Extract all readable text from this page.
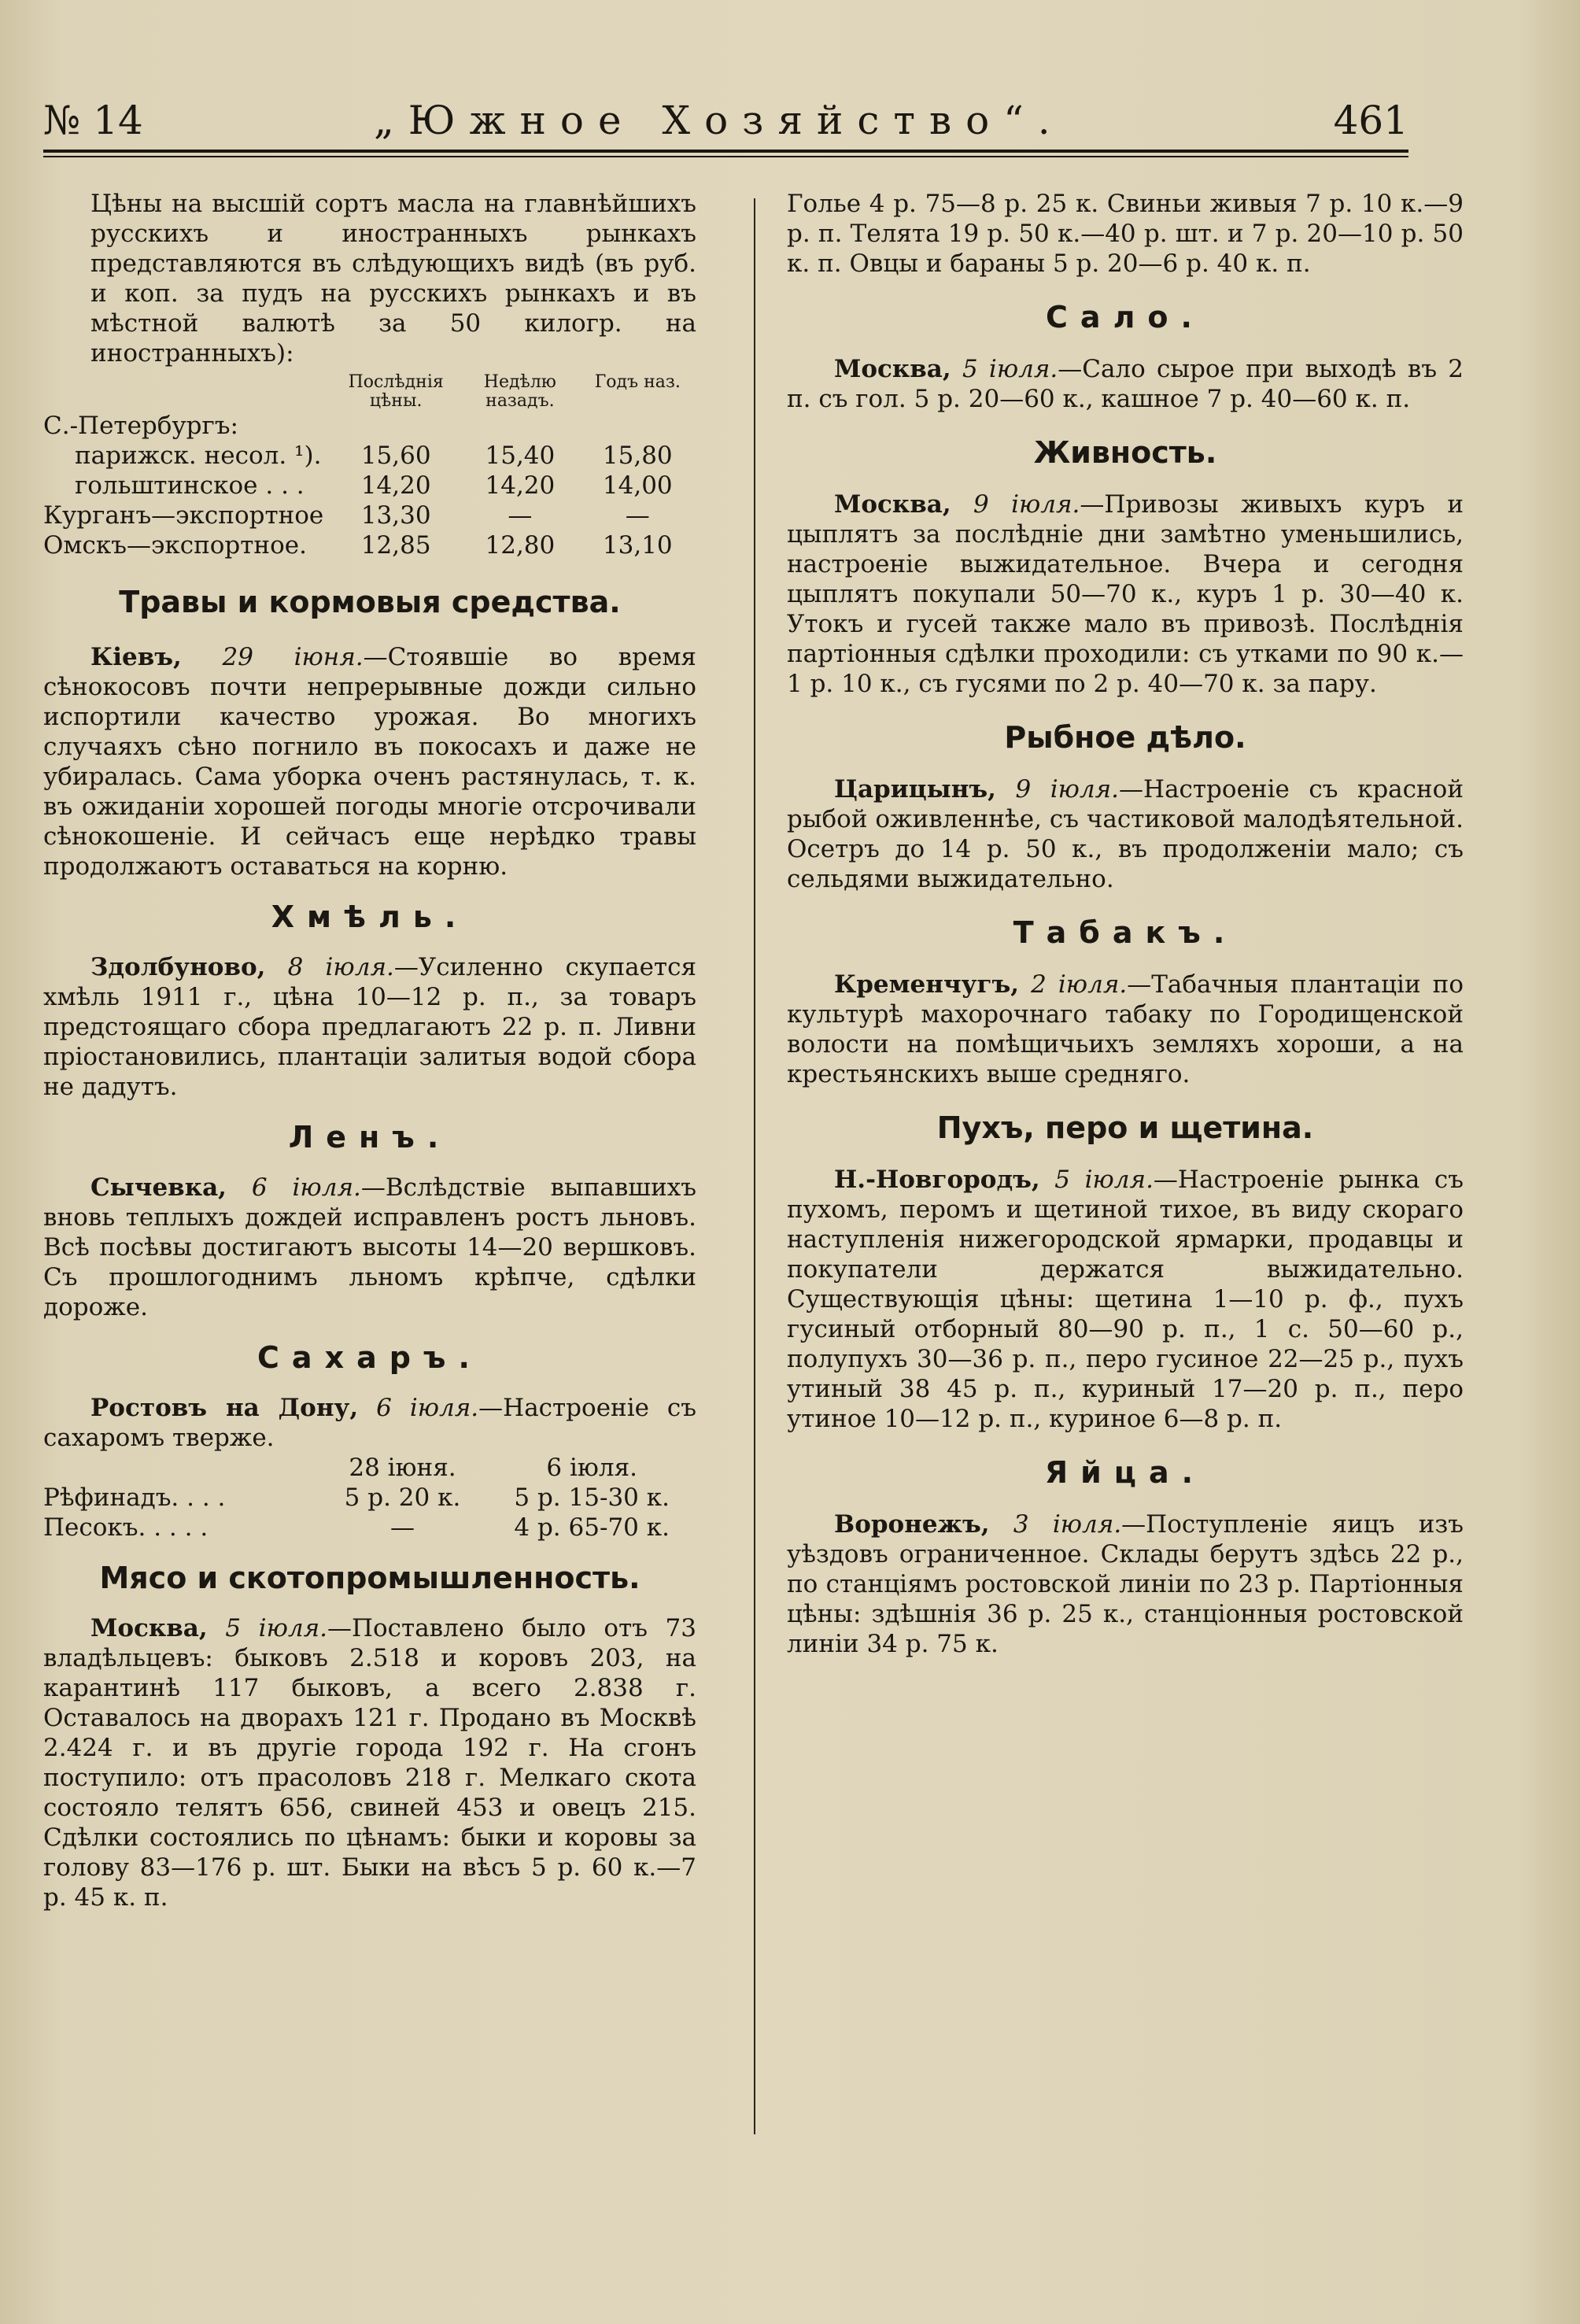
№ 14	„Южное Хозяйство“.	461

Цѣны на высшій сортъ масла на главнѣйшихъ русскихъ и иностранныхъ рынкахъ представляются въ слѣдующихъ видѣ (въ руб. и коп. за пудъ на русскихъ рынкахъ и въ мѣстной валютѣ за 50 килогр. на иностранныхъ):

	Послѣднія цѣны.	Недѣлю назадъ.	Годъ наз.
С.-Петербургъ:			
парижск. несол. ¹).	15,60	15,40	15,80
гольштинское . . .	14,20	14,20	14,00
Курганъ—экспортное	13,30	—	—
Омскъ—экспортное.	12,85	12,80	13,10
Травы и кормовыя средства.

Кіевъ, 29 іюня.—Стоявшіе во время сѣнокосовъ почти непрерывные дожди сильно испортили качество урожая. Во многихъ случаяхъ сѣно погнило въ покосахъ и даже не убиралась. Сама уборка оченъ растянулась, т. к. въ ожиданіи хорошей погоды многіе отсрочивали сѣнокошеніе. И сейчасъ еще нерѣдко травы продолжаютъ оставаться на корню.

Хмѣль.

Здолбуново, 8 іюля.—Усиленно скупается хмѣль 1911 г., цѣна 10—12 р. п., за товаръ предстоящаго сбора предлагаютъ 22 р. п. Ливни пріостановились, плантаціи залитыя водой сбора не дадутъ.

Ленъ.

Сычевка, 6 іюля.—Вслѣдствіе выпавшихъ вновь теплыхъ дождей исправленъ ростъ льновъ. Всѣ посѣвы достигаютъ высоты 14—20 вершковъ. Съ прошлогоднимъ льномъ крѣпче, сдѣлки дороже.

Сахаръ.

Ростовъ на Дону, 6 іюля.—Настроеніе съ сахаромъ тверже.

	28 іюня.	6 іюля.
Рѣфинадъ. . . .	5 р. 20 к.	5 р. 15-30 к.
Песокъ. . . . .	—	4 р. 65-70 к.
Мясо и скотопромышленность.

Москва, 5 іюля.—Поставлено было отъ 73 владѣльцевъ: быковъ 2.518 и коровъ 203, на карантинѣ 117 быковъ, а всего 2.838 г. Оставалось на дворахъ 121 г. Продано въ Москвѣ 2.424 г. и въ другіе города 192 г. На сгонъ поступило: отъ прасоловъ 218 г. Мелкаго скота состояло телятъ 656, свиней 453 и овецъ 215. Сдѣлки состоялись по цѣнамъ: быки и коровы за голову 83—176 р. шт. Быки на вѣсъ 5 р. 60 к.—7 р. 45 к. п.

Голье 4 р. 75—8 р. 25 к. Свиньи живыя 7 р. 10 к.—9 р. п. Телята 19 р. 50 к.—40 р. шт. и 7 р. 20—10 р. 50 к. п. Овцы и бараны 5 р. 20—6 р. 40 к. п.

Сало.

Москва, 5 іюля.—Сало сырое при выходѣ въ 2 п. съ гол. 5 р. 20—60 к., кашное 7 р. 40—60 к. п.

Живность.

Москва, 9 іюля.—Привозы живыхъ куръ и цыплятъ за послѣдніе дни замѣтно уменьшились, настроеніе выжидательное. Вчера и сегодня цыплятъ покупали 50—70 к., куръ 1 р. 30—40 к. Утокъ и гусей также мало въ привозѣ. Послѣднія партіонныя сдѣлки проходили: съ утками по 90 к.—1 р. 10 к., съ гусями по 2 р. 40—70 к. за пару.

Рыбное дѣло.

Царицынъ, 9 іюля.—Настроеніе съ красной рыбой оживленнѣе, съ частиковой малодѣятельной. Осетръ до 14 р. 50 к., въ продолженіи мало; съ сельдями выжидательно.

Табакъ.

Кременчугъ, 2 іюля.—Табачныя плантаціи по культурѣ махорочнаго табаку по Городищенской волости на помѣщичьихъ земляхъ хороши, а на крестьянскихъ выше средняго.

Пухъ, перо и щетина.

Н.-Новгородъ, 5 іюля.—Настроеніе рынка съ пухомъ, перомъ и щетиной тихое, въ виду скораго наступленія нижегородской ярмарки, продавцы и покупатели держатся выжидательно. Существующія цѣны: щетина 1—10 р. ф., пухъ гусиный отборный 80—90 р. п., 1 с. 50—60 р., полупухъ 30—36 р. п., перо гусиное 22—25 р., пухъ утиный 38 45 р. п., куриный 17—20 р. п., перо утиное 10—12 р. п., куриное 6—8 р. п.

Яйца.

Воронежъ, 3 іюля.—Поступленіе яицъ изъ уѣздовъ ограниченное. Склады берутъ здѣсь 22 р., по станціямъ ростовской линіи по 23 р. Партіонныя цѣны: здѣшнія 36 р. 25 к., станціонныя ростовской линіи 34 р. 75 к.
